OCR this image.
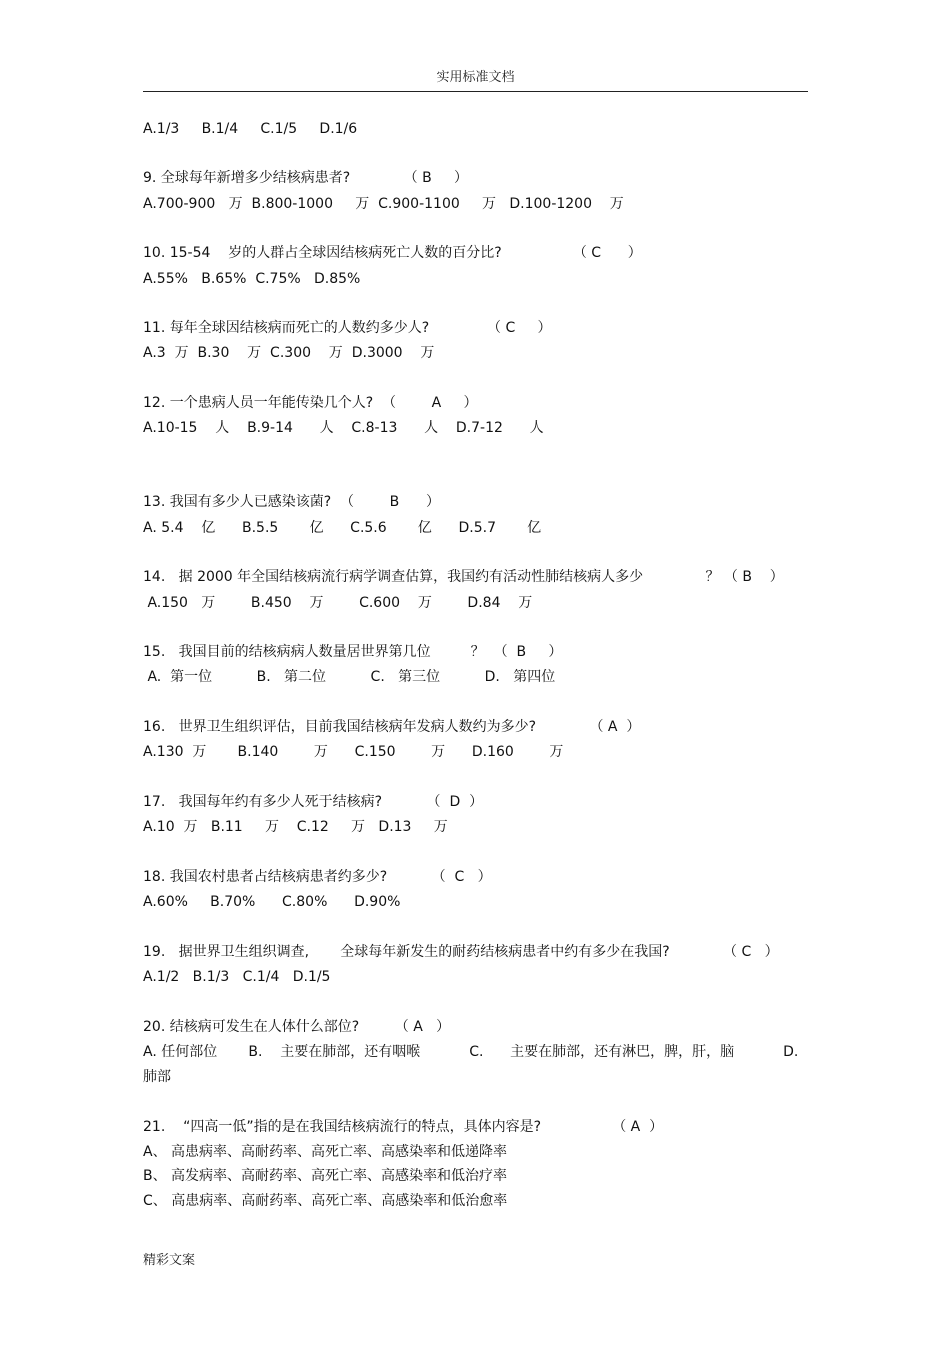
实用标准文档
A.1/3     B.1/4     C.1/5     D.1/6
9. 全球每年新增多少结核病患者?            （ B     ）
A.700-900   万  B.800-1000     万  C.900-1100     万   D.100-1200    万
10. 15-54    岁的人群占全球因结核病死亡人数的百分比?                （ C      ）
A.55%   B.65%  C.75%   D.85%
11. 每年全球因结核病而死亡的人数约多少人?             （ C     ）
A.3  万  B.30    万  C.300    万  D.3000    万
12. 一个患病人员一年能传染几个人?  （        A     ）
A.10-15    人    B.9-14      人    C.8-13      人    D.7-12      人
13. 我国有多少人已感染该菌?  （        B      ）
A. 5.4    亿      B.5.5       亿      C.5.6       亿      D.5.7       亿
14.   据 2000 年全国结核病流行病学调查估算，我国约有活动性肺结核病人多少              ？ （ B    ）
A.150   万        B.450    万        C.600    万        D.84    万
15.   我国目前的结核病病人数量居世界第几位         ？  （  B     ）
A.  第一位          B.   第二位          C.   第三位          D.   第四位
16.   世界卫生组织评估，目前我国结核病年发病人数约为多少?            （ A  ）
A.130  万       B.140        万      C.150        万      D.160        万
17.   我国每年约有多少人死于结核病?          （  D  ）
A.10  万   B.11     万    C.12     万   D.13     万
18. 我国农村患者占结核病患者约多少?          （  C   ）
A.60%     B.70%      C.80%      D.90%
19.   据世界卫生组织调查,       全球每年新发生的耐药结核病患者中约有多少在我国?            （ C   ）
A.1/2   B.1/3   C.1/4   D.1/5
20. 结核病可发生在人体什么部位?        （ A   ）
A. 任何部位       B.    主要在肺部，还有咽喉           C.      主要在肺部，还有淋巴，脾，肝，脑           D.
肺部
21.    “四高一低”指的是在我国结核病流行的特点，具体内容是?                （ A  ）
A、 高患病率、高耐药率、高死亡率、高感染率和低递降率
B、 高发病率、高耐药率、高死亡率、高感染率和低治疗率
C、 高患病率、高耐药率、高死亡率、高感染率和低治愈率
精彩文案
